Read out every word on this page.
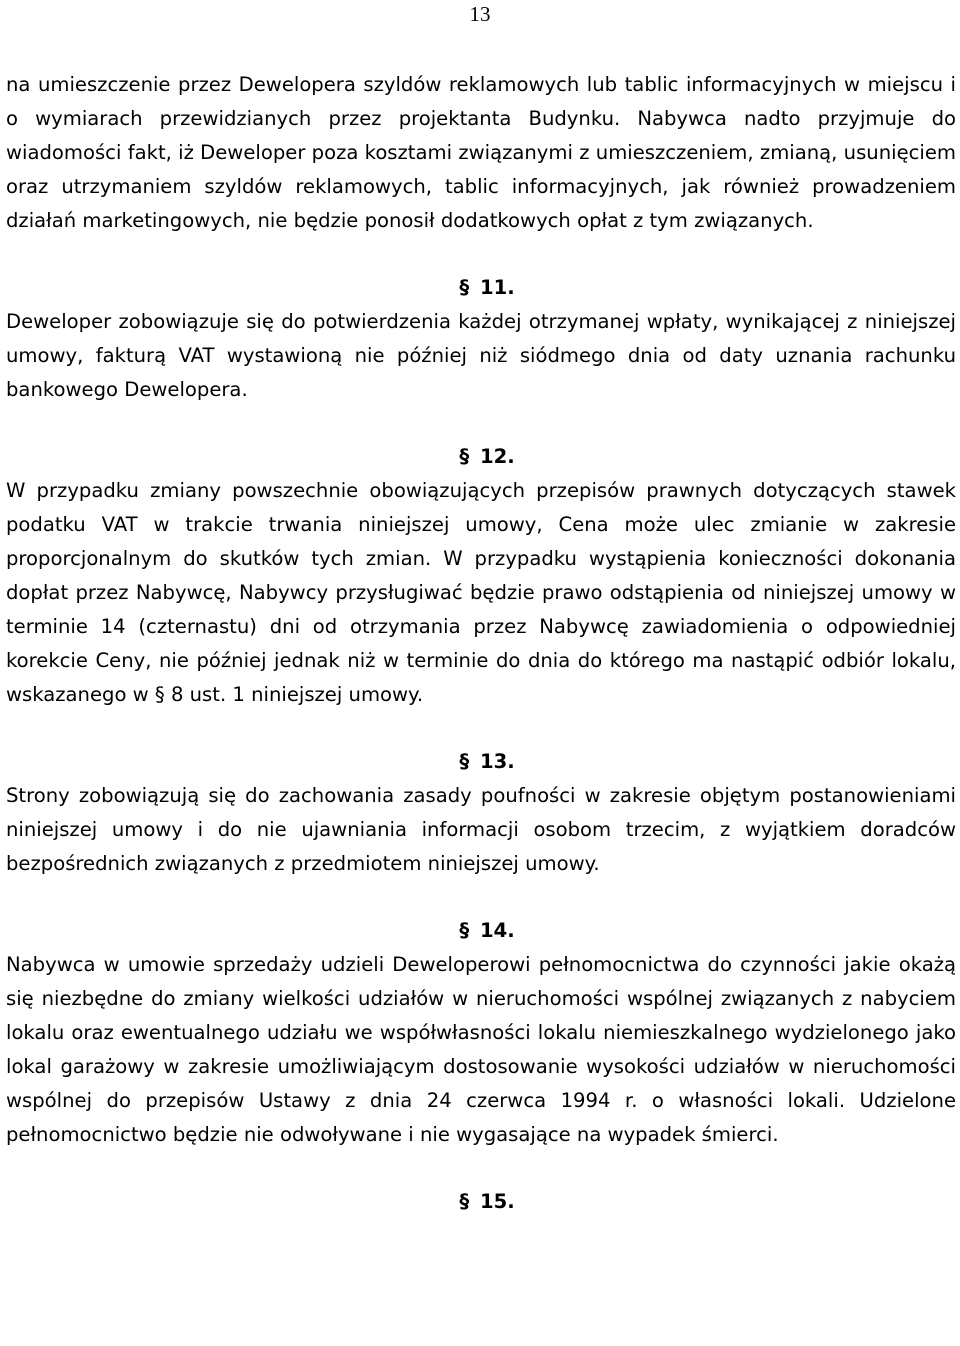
13

na umieszczenie przez Dewelopera szyldów reklamowych lub tablic informacyjnych w miejscu i o wymiarach przewidzianych przez projektanta Budynku. Nabywca nadto przyjmuje do wiadomości fakt, iż Deweloper poza kosztami związanymi z umieszczeniem, zmianą, usunięciem oraz utrzymaniem szyldów reklamowych, tablic informacyjnych, jak również prowadzeniem działań marketingowych, nie będzie ponosił dodatkowych opłat z tym związanych.

§ 11.

Deweloper zobowiązuje się do potwierdzenia każdej otrzymanej wpłaty, wynikającej z niniejszej umowy, fakturą VAT wystawioną nie później niż siódmego dnia od daty uznania rachunku bankowego Dewelopera.

§ 12.

W przypadku zmiany powszechnie obowiązujących przepisów prawnych dotyczących stawek podatku VAT w trakcie trwania niniejszej umowy, Cena może ulec zmianie w zakresie proporcjonalnym do skutków tych zmian. W przypadku wystąpienia konieczności dokonania dopłat przez Nabywcę, Nabywcy przysługiwać będzie prawo odstąpienia od niniejszej umowy w terminie 14 (czternastu) dni od otrzymania przez Nabywcę zawiadomienia o odpowiedniej korekcie Ceny, nie później jednak niż w terminie do dnia do którego ma nastąpić odbiór lokalu, wskazanego w § 8 ust. 1 niniejszej umowy.

§ 13.

Strony zobowiązują się do zachowania zasady poufności w zakresie objętym postanowieniami niniejszej umowy i do nie ujawniania informacji osobom trzecim, z wyjątkiem doradców bezpośrednich związanych z przedmiotem niniejszej umowy.

§ 14.

Nabywca w umowie sprzedaży udzieli Deweloperowi pełnomocnictwa do czynności jakie okażą się niezbędne do zmiany wielkości udziałów w nieruchomości wspólnej związanych z nabyciem lokalu oraz ewentualnego udziału we współwłasności lokalu niemieszkalnego wydzielonego jako lokal garażowy w zakresie umożliwiającym dostosowanie wysokości udziałów w nieruchomości wspólnej do przepisów Ustawy z dnia 24 czerwca 1994 r. o własności lokali. Udzielone pełnomocnictwo będzie nie odwoływane i nie wygasające na wypadek śmierci.

§ 15.
